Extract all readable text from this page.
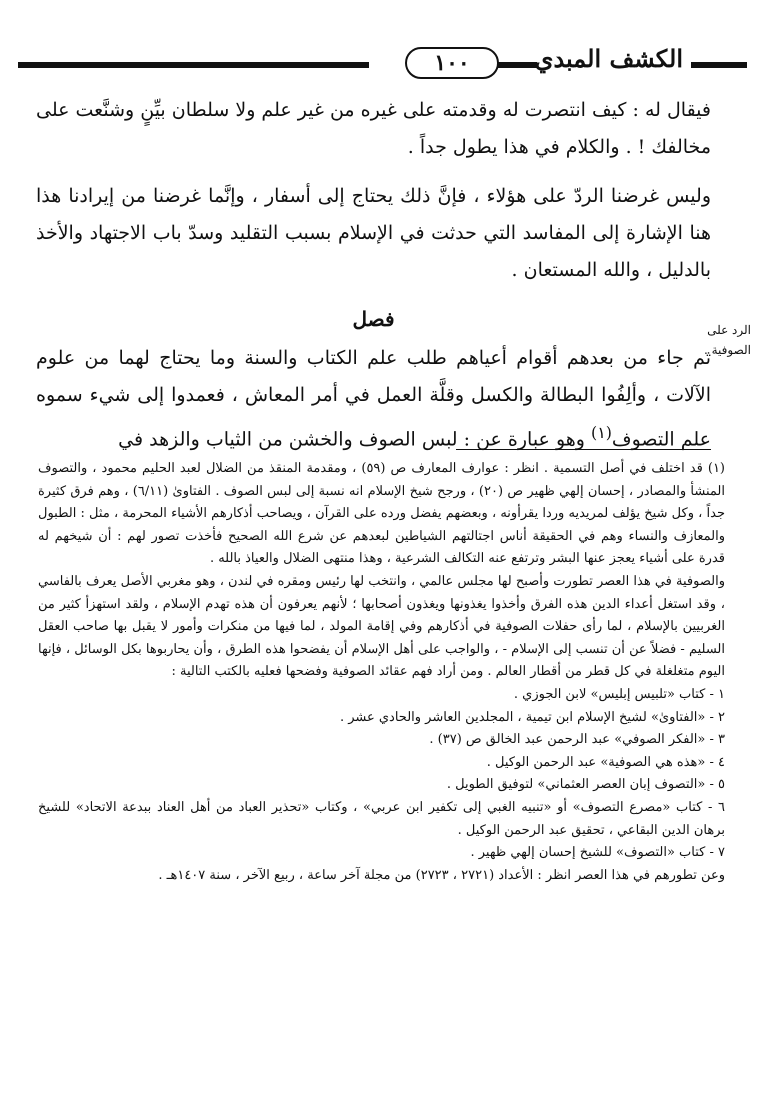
١٠٠	الكشف المبدي
الرد على الصوفية .

فيقال له : كيف انتصرت له وقدمته على غيره من غير علم ولا سلطان بيِّنٍ وشنَّعت على مخالفك ! . والكلام في هذا يطول جداً .

وليس غرضنا الردّ على هؤلاء ، فإنَّ ذلك يحتاج إلى أسفار ، وإنَّما غرضنا من إيرادنا هذا هنا الإشارة إلى المفاسد التي حدثت في الإسلام بسبب التقليد وسدّ باب الاجتهاد والأخذ بالدليل ، والله المستعان .

فصل

ثم جاء من بعدهم أقوام أعياهم طلب علم الكتاب والسنة وما يحتاج لهما من علوم الآلات ، وألِفُوا البطالة والكسل وقلَّة العمل في أمر المعاش ، فعمدوا إلى شيء سموه علم التصوف$^{(١)}$ وهو عبارة عن : لبس الصوف والخشن من الثياب والزهد في

(١) قد اختلف في أصل التسمية . انظر : عوارف المعارف ص (٥٩) ، ومقدمة المنقذ من الضلال لعبد الحليم محمود ، والتصوف المنشأ والمصادر ، إحسان إلهي ظهير ص (٢٠) ، ورجح شيخ الإسلام انه نسبة إلى لبس الصوف . الفتاوىٰ (٦/١١) ، وهم فرق كثيرة جداً ، وكل شيخ يؤلف لمريديه وردا يقرأونه ، وبعضهم يفضل ورده على القرآن ، ويصاحب أذكارهم الأشياء المحرمة ، مثل : الطبول والمعازف والنساء وهم في الحقيقة أناس اجتالتهم الشياطين لبعدهم عن شرع الله الصحيح فأخذت تصور لهم : أن شيخهم له قدرة على أشياء يعجز عنها البشر وترتفع عنه التكالف الشرعية ، وهذا منتهى الضلال والعياذ بالله .

والصوفية في هذا العصر تطورت وأصبح لها مجلس عالمي ، وانتخب لها رئيس ومقره في لندن ، وهو مغربي الأصل يعرف بالفاسي ، وقد استغل أعداء الدين هذه الفرق وأخذوا يغذونها ويغذون أصحابها ؛ لأنهم يعرفون أن هذه تهدم الإسلام ، ولقد استهزأ كثير من الغربيين بالإسلام ، لما رأى حفلات الصوفية في أذكارهم وفي إقامة المولد ، لما فيها من منكرات وأمور لا يقبل بها صاحب العقل السليم - فضلاً عن أن تنسب إلى الإسلام - ، والواجب على أهل الإسلام أن يفضحوا هذه الطرق ، وأن يحاربوها بكل الوسائل ، فإنها اليوم متغلغلة في كل قطر من أقطار العالم . ومن أراد فهم عقائد الصوفية وفضحها فعليه بالكتب التالية :

١ - كتاب «تلبيس إبليس» لابن الجوزي .
٢ - «الفتاوىٰ» لشيخ الإسلام ابن تيمية ، المجلدين العاشر والحادي عشر .
٣ - «الفكر الصوفي» عبد الرحمن عبد الخالق ص (٣٧) .
٤ - «هذه هي الصوفية» عبد الرحمن الوكيل .
٥ - «التصوف إبان العصر العثماني» لتوفيق الطويل .
٦ - كتاب «مصرع التصوف» أو «تنبيه الغبي إلى تكفير ابن عربي» ، وكتاب «تحذير العباد من أهل العناد ببدعة الاتحاد» للشيخ برهان الدين البقاعي ، تحقيق عبد الرحمن الوكيل .
٧ - كتاب «التصوف» للشيخ إحسان إلهي ظهير .

وعن تطورهم في هذا العصر انظر : الأعداد (٢٧٢١ ، ٢٧٢٣) من مجلة آخر ساعة ، ربيع الآخر ، سنة ١٤٠٧هـ .
